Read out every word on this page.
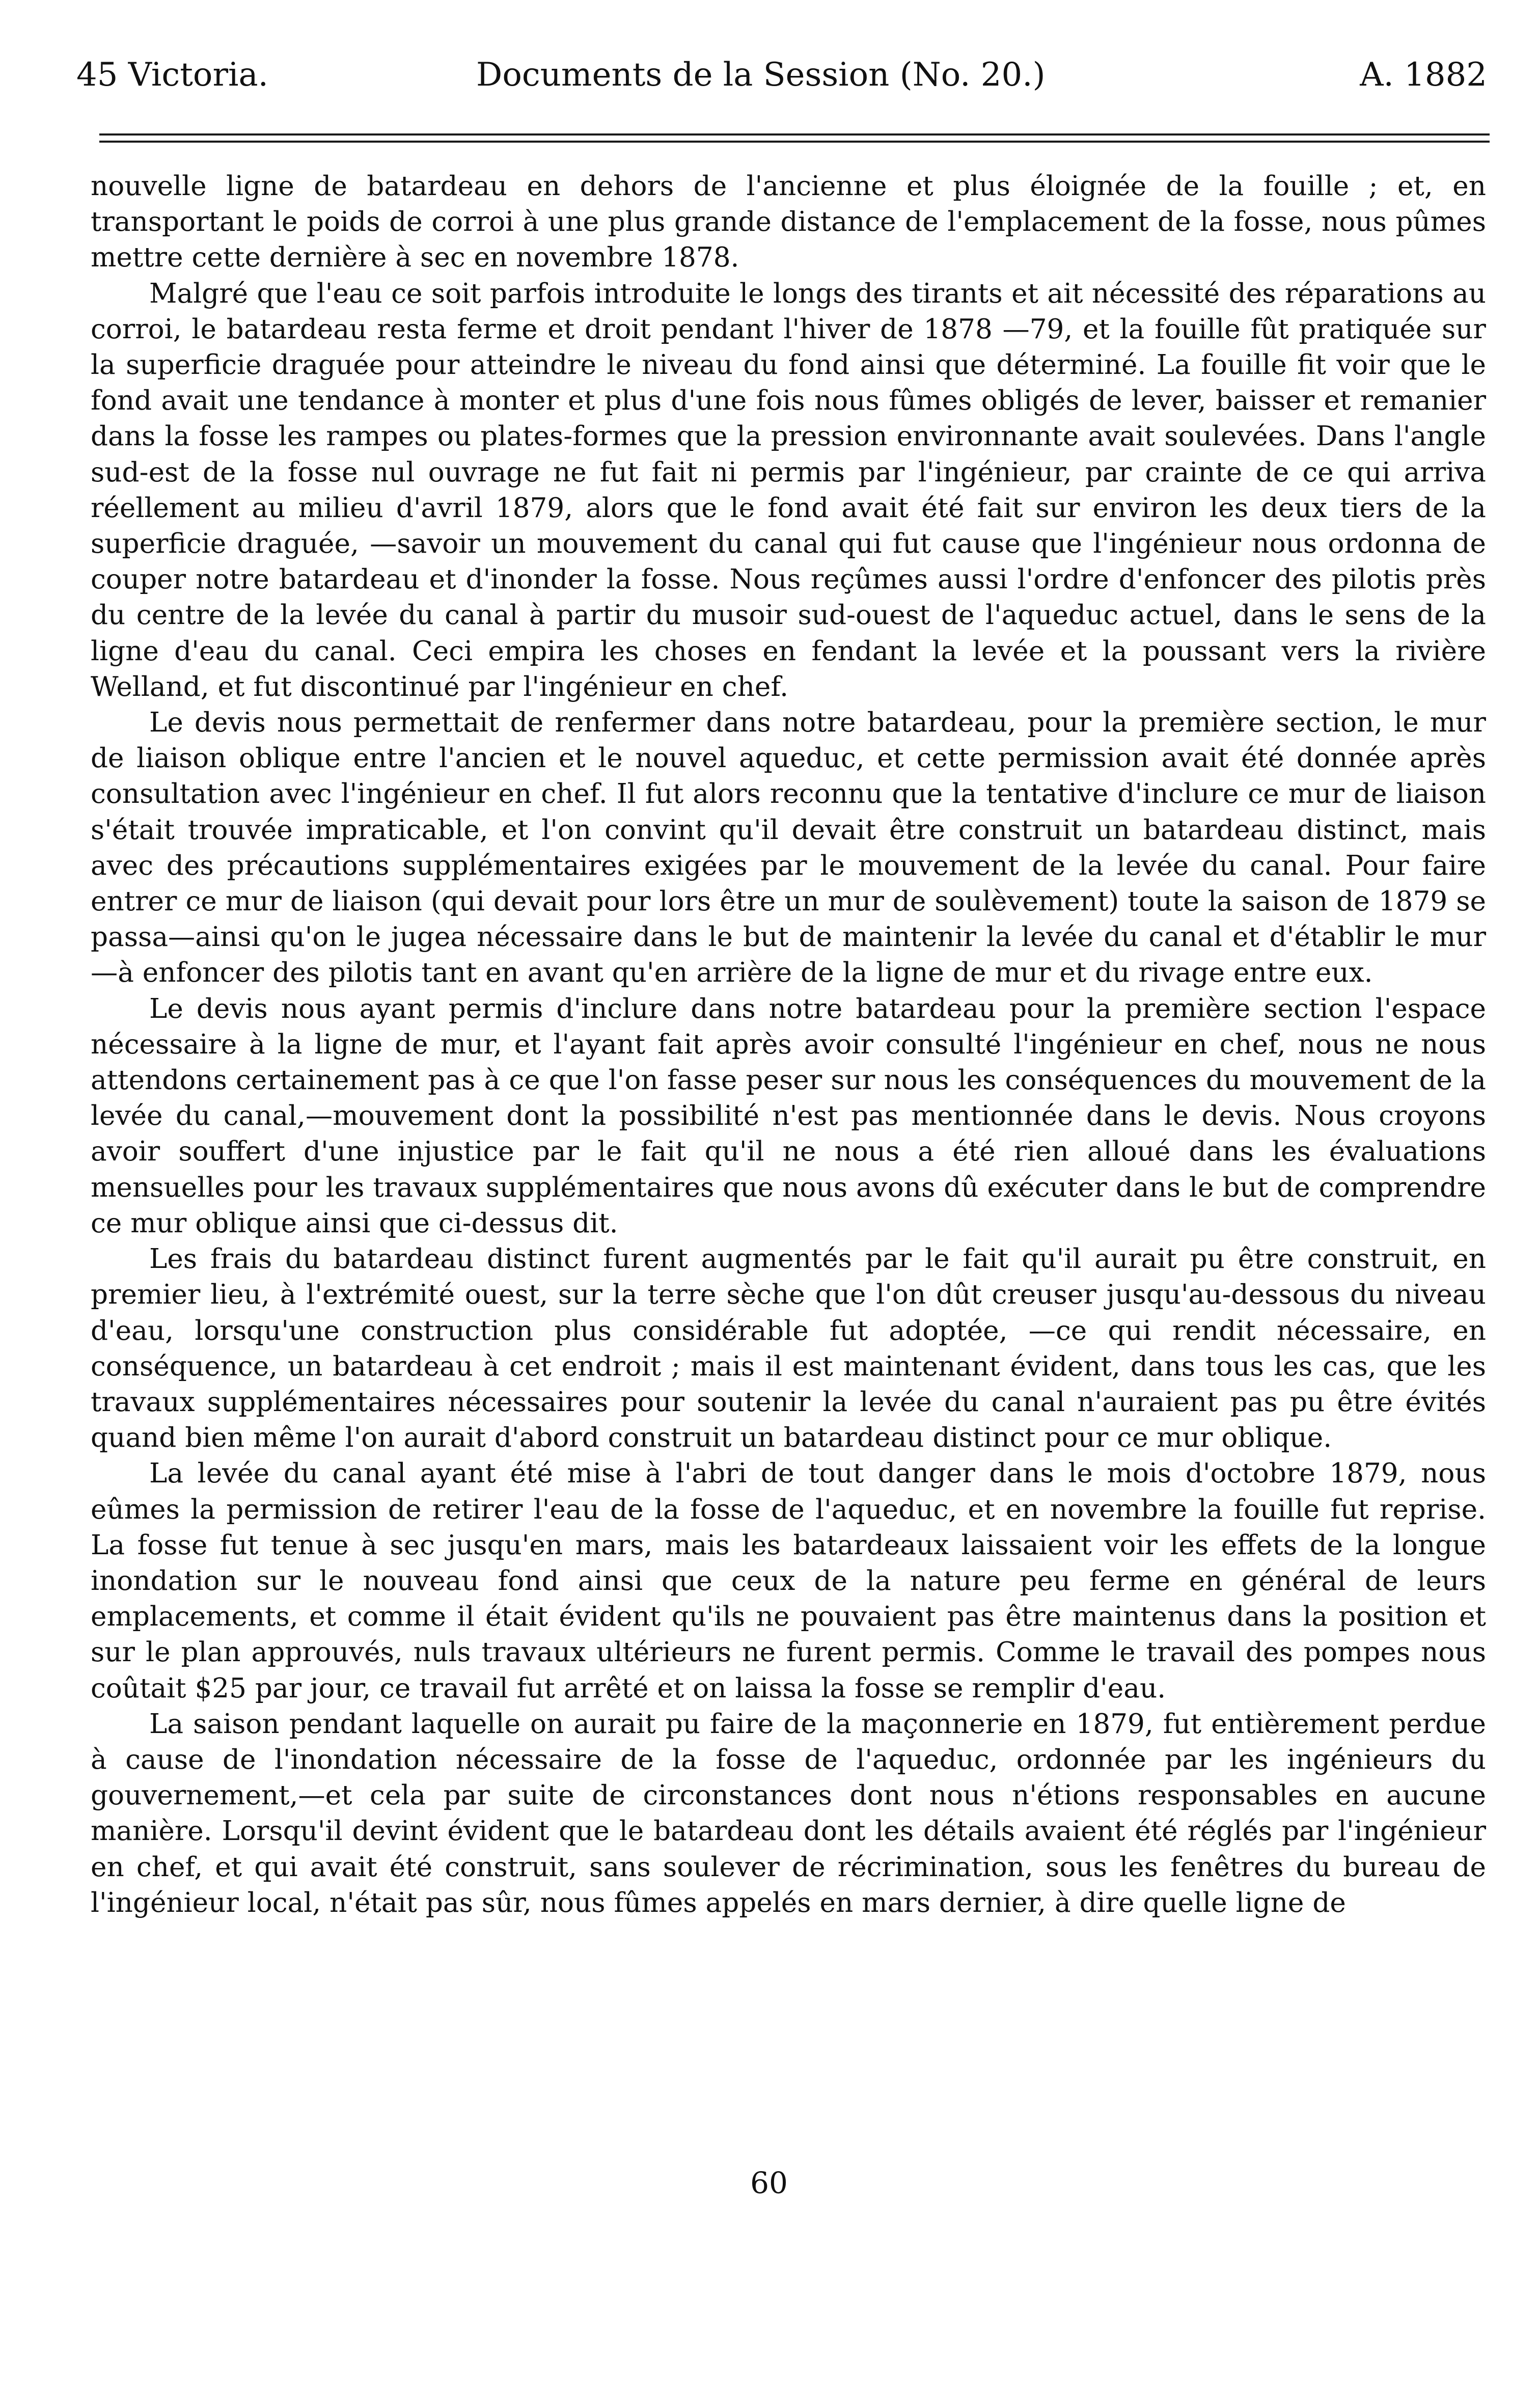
45 Victoria.	Documents de la Session (No. 20.)	A. 1882

nouvelle ligne de batardeau en dehors de l'ancienne et plus éloignée de la fouille ; et, en transportant le poids de corroi à une plus grande distance de l'emplacement de la fosse, nous pûmes mettre cette dernière à sec en novembre 1878.

Malgré que l'eau ce soit parfois introduite le longs des tirants et ait nécessité des réparations au corroi, le batardeau resta ferme et droit pendant l'hiver de 1878 —79, et la fouille fût pratiquée sur la superficie draguée pour atteindre le niveau du fond ainsi que déterminé. La fouille fit voir que le fond avait une tendance à monter et plus d'une fois nous fûmes obligés de lever, baisser et remanier dans la fosse les rampes ou plates-formes que la pression environnante avait soulevées. Dans l'angle sud-est de la fosse nul ouvrage ne fut fait ni permis par l'ingénieur, par crainte de ce qui arriva réellement au milieu d'avril 1879, alors que le fond avait été fait sur environ les deux tiers de la superficie draguée, —savoir un mouvement du canal qui fut cause que l'ingénieur nous ordonna de couper notre batardeau et d'inonder la fosse. Nous reçûmes aussi l'ordre d'enfoncer des pilotis près du centre de la levée du canal à partir du musoir sud-ouest de l'aqueduc actuel, dans le sens de la ligne d'eau du canal. Ceci empira les choses en fendant la levée et la poussant vers la rivière Welland, et fut discontinué par l'ingénieur en chef.

Le devis nous permettait de renfermer dans notre batardeau, pour la première section, le mur de liaison oblique entre l'ancien et le nouvel aqueduc, et cette permission avait été donnée après consultation avec l'ingénieur en chef. Il fut alors reconnu que la tentative d'inclure ce mur de liaison s'était trouvée impraticable, et l'on convint qu'il devait être construit un batardeau distinct, mais avec des précautions supplémentaires exigées par le mouvement de la levée du canal. Pour faire entrer ce mur de liaison (qui devait pour lors être un mur de soulèvement) toute la saison de 1879 se passa—ainsi qu'on le jugea nécessaire dans le but de maintenir la levée du canal et d'établir le mur—à enfoncer des pilotis tant en avant qu'en arrière de la ligne de mur et du rivage entre eux.

Le devis nous ayant permis d'inclure dans notre batardeau pour la première section l'espace nécessaire à la ligne de mur, et l'ayant fait après avoir consulté l'ingénieur en chef, nous ne nous attendons certainement pas à ce que l'on fasse peser sur nous les conséquences du mouvement de la levée du canal,—mouvement dont la possibilité n'est pas mentionnée dans le devis. Nous croyons avoir souffert d'une injustice par le fait qu'il ne nous a été rien alloué dans les évaluations mensuelles pour les travaux supplémentaires que nous avons dû exécuter dans le but de comprendre ce mur oblique ainsi que ci-dessus dit.

Les frais du batardeau distinct furent augmentés par le fait qu'il aurait pu être construit, en premier lieu, à l'extrémité ouest, sur la terre sèche que l'on dût creuser jusqu'au-dessous du niveau d'eau, lorsqu'une construction plus considérable fut adoptée, —ce qui rendit nécessaire, en conséquence, un batardeau à cet endroit ; mais il est maintenant évident, dans tous les cas, que les travaux supplémentaires nécessaires pour soutenir la levée du canal n'auraient pas pu être évités quand bien même l'on aurait d'abord construit un batardeau distinct pour ce mur oblique.

La levée du canal ayant été mise à l'abri de tout danger dans le mois d'octobre 1879, nous eûmes la permission de retirer l'eau de la fosse de l'aqueduc, et en novembre la fouille fut reprise. La fosse fut tenue à sec jusqu'en mars, mais les batardeaux laissaient voir les effets de la longue inondation sur le nouveau fond ainsi que ceux de la nature peu ferme en général de leurs emplacements, et comme il était évident qu'ils ne pouvaient pas être maintenus dans la position et sur le plan approuvés, nuls travaux ultérieurs ne furent permis. Comme le travail des pompes nous coûtait $25 par jour, ce travail fut arrêté et on laissa la fosse se remplir d'eau.

La saison pendant laquelle on aurait pu faire de la maçonnerie en 1879, fut entièrement perdue à cause de l'inondation nécessaire de la fosse de l'aqueduc, ordonnée par les ingénieurs du gouvernement,—et cela par suite de circonstances dont nous n'étions responsables en aucune manière. Lorsqu'il devint évident que le batardeau dont les détails avaient été réglés par l'ingénieur en chef, et qui avait été construit, sans soulever de récrimination, sous les fenêtres du bureau de l'ingénieur local, n'était pas sûr, nous fûmes appelés en mars dernier, à dire quelle ligne de

60
